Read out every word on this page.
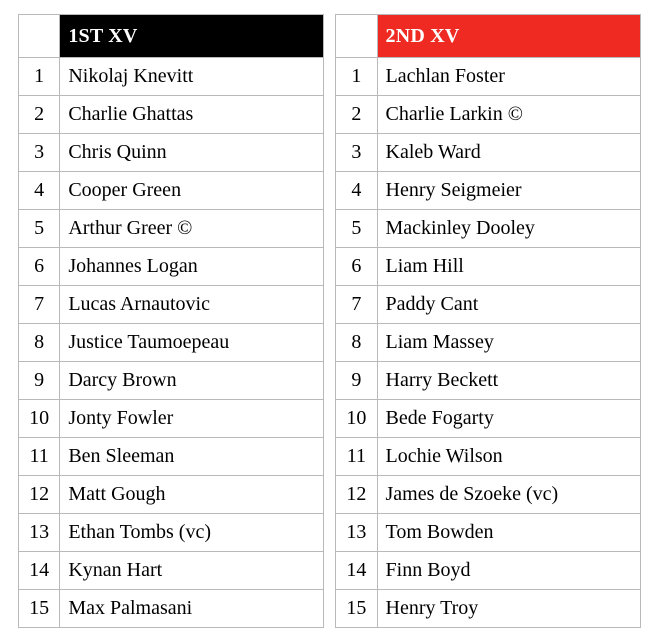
	1ST XV			2ND XV
1	Nikolaj Knevitt		1	Lachlan Foster
2	Charlie Ghattas		2	Charlie Larkin ©
3	Chris Quinn		3	Kaleb Ward
4	Cooper Green		4	Henry Seigmeier
5	Arthur Greer ©		5	Mackinley Dooley
6	Johannes Logan		6	Liam Hill
7	Lucas Arnautovic		7	Paddy Cant
8	Justice Taumoepeau		8	Liam Massey
9	Darcy Brown		9	Harry Beckett
10	Jonty Fowler		10	Bede Fogarty
11	Ben Sleeman		11	Lochie Wilson
12	Matt Gough		12	James de Szoeke (vc)
13	Ethan Tombs (vc)		13	Tom Bowden
14	Kynan Hart		14	Finn Boyd
15	Max Palmasani		15	Henry Troy
